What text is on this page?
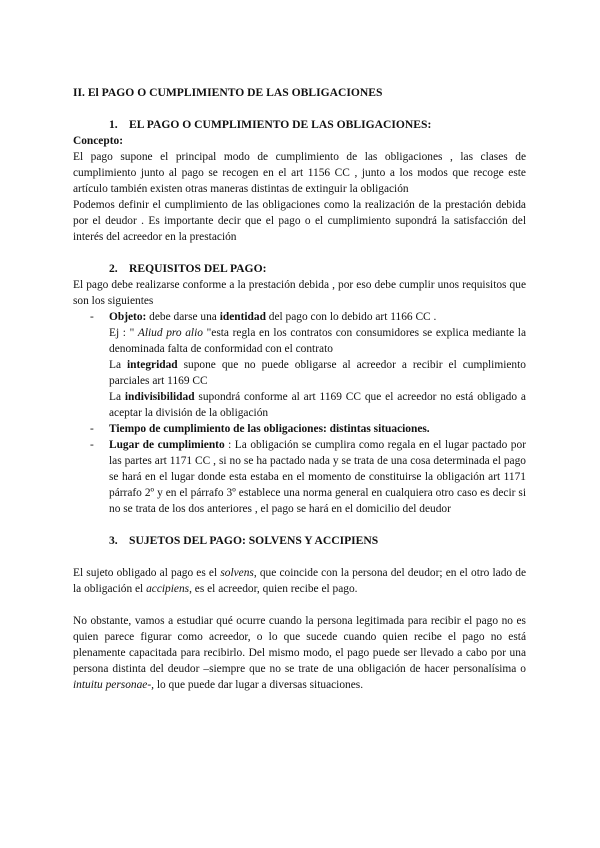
II. El PAGO O CUMPLIMIENTO DE LAS OBLIGACIONES
1. EL PAGO O CUMPLIMIENTO DE LAS OBLIGACIONES:
Concepto:

El pago supone el principal modo de cumplimiento de las obligaciones , las clases de cumplimiento junto al pago se recogen en el art 1156 CC , junto a los modos que recoge este artículo también existen otras maneras distintas de extinguir la obligación

Podemos definir el cumplimiento de las obligaciones como la realización de la prestación debida por el deudor . Es importante decir que el pago o el cumplimiento supondrá la satisfacción del interés del acreedor en la prestación

2. REQUISITOS DEL PAGO:

El pago debe realizarse conforme a la prestación debida , por eso debe cumplir unos requisitos que son los siguientes

- Objeto: debe darse una identidad del pago con lo debido art 1166 CC .
Ej : " Aliud pro alio "esta regla en los contratos con consumidores se explica mediante la denominada falta de conformidad con el contrato
La integridad supone que no puede obligarse al acreedor a recibir el cumplimiento parciales art 1169 CC
La indivisibilidad supondrá conforme al art 1169 CC que el acreedor no está obligado a aceptar la división de la obligación
- Tiempo de cumplimiento de las obligaciones: distintas situaciones.
- Lugar de cumplimiento : La obligación se cumplira como regala en el lugar pactado por las partes art 1171 CC , si no se ha pactado nada y se trata de una cosa determinada el pago se hará en el lugar donde esta estaba en el momento de constituirse la obligación art 1171 párrafo 2º y en el párrafo 3º establece una norma general en cualquiera otro caso es decir si no se trata de los dos anteriores , el pago se hará en el domicilio del deudor
3. SUJETOS DEL PAGO: SOLVENS Y ACCIPIENS

El sujeto obligado al pago es el solvens, que coincide con la persona del deudor; en el otro lado de la obligación el accipiens, es el acreedor, quien recibe el pago.

No obstante, vamos a estudiar qué ocurre cuando la persona legitimada para recibir el pago no es quien parece figurar como acreedor, o lo que sucede cuando quien recibe el pago no está plenamente capacitada para recibirlo. Del mismo modo, el pago puede ser llevado a cabo por una persona distinta del deudor –siempre que no se trate de una obligación de hacer personalísima o intuitu personae-, lo que puede dar lugar a diversas situaciones.
